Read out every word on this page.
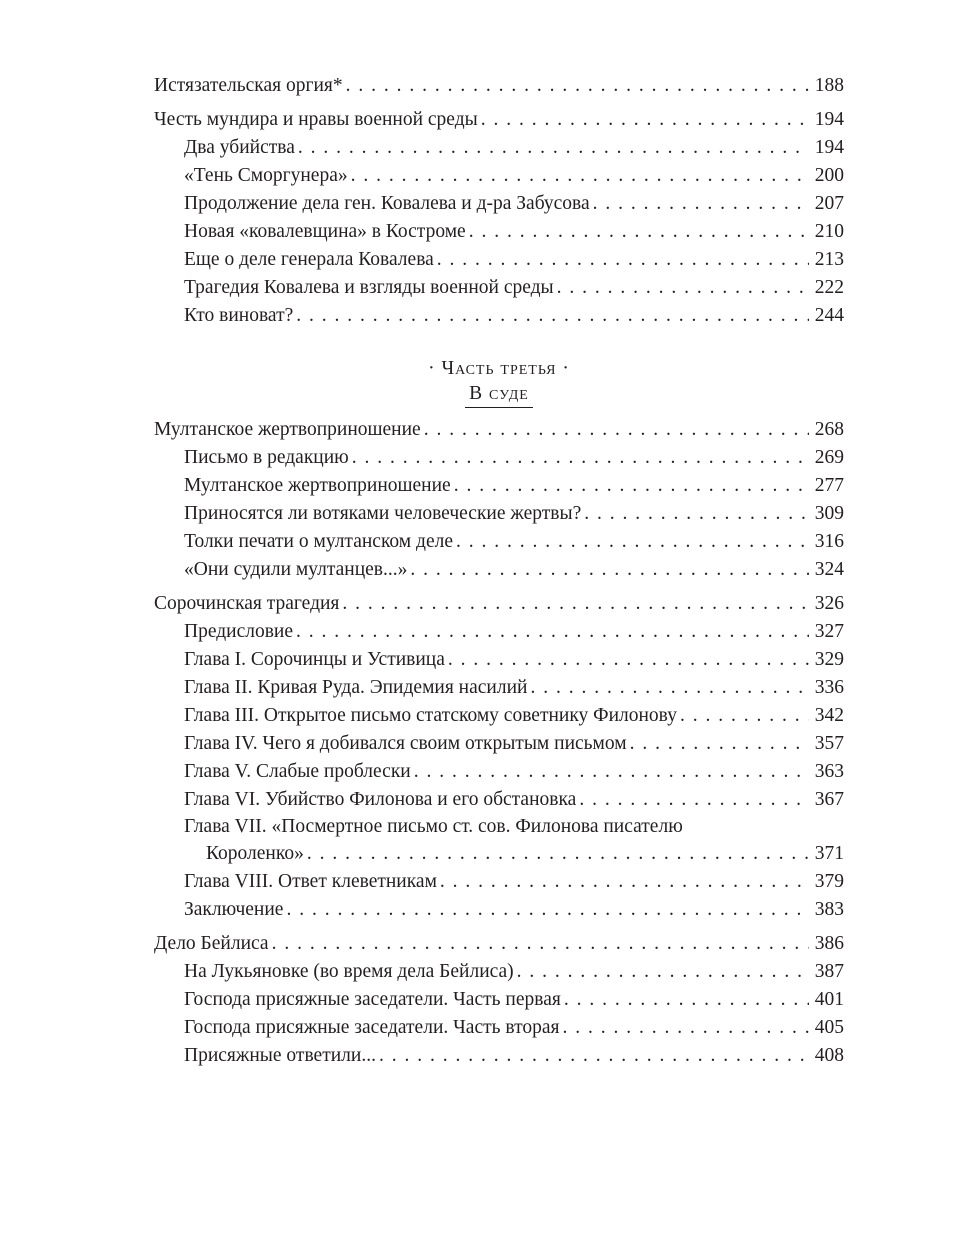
Истязательская оргия* . . .	188
Честь мундира и нравы военной среды . . .	194
Два убийства . . .	194
«Тень Сморгунера» . . .	200
Продолжение дела ген. Ковалева и д-ра Забусова . . .	207
Новая «ковалевщина» в Костроме . . .	210
Еще о деле генерала Ковалева . . .	213
Трагедия Ковалева и взгляды военной среды . . .	222
Кто виноват? . . .	244
· Часть третья ·
В суде
Мултанское жертвоприношение . . .	268
Письмо в редакцию . . .	269
Мултанское жертвоприношение . . .	277
Приносятся ли вотяками человеческие жертвы? . . .	309
Толки печати о мултанском деле . . .	316
«Они судили мултанцев...» . . .	324
Сорочинская трагедия . . .	326
Предисловие . . .	327
Глава I. Сорочинцы и Устивица . . .	329
Глава II. Кривая Руда. Эпидемия насилий . . .	336
Глава III. Открытое письмо статскому советнику Филонову . . .	342
Глава IV. Чего я добивался своим открытым письмом . . .	357
Глава V. Слабые проблески . . .	363
Глава VI. Убийство Филонова и его обстановка . . .	367
Глава VII. «Посмертное письмо ст. сов. Филонова писателю
Короленко» . . .	371
Глава VIII. Ответ клеветникам . . .	379
Заключение . . .	383
Дело Бейлиса . . .	386
На Лукьяновке (во время дела Бейлиса) . . .	387
Господа присяжные заседатели. Часть первая . . .	401
Господа присяжные заседатели. Часть вторая . . .	405
Присяжные ответили... . . .	408
